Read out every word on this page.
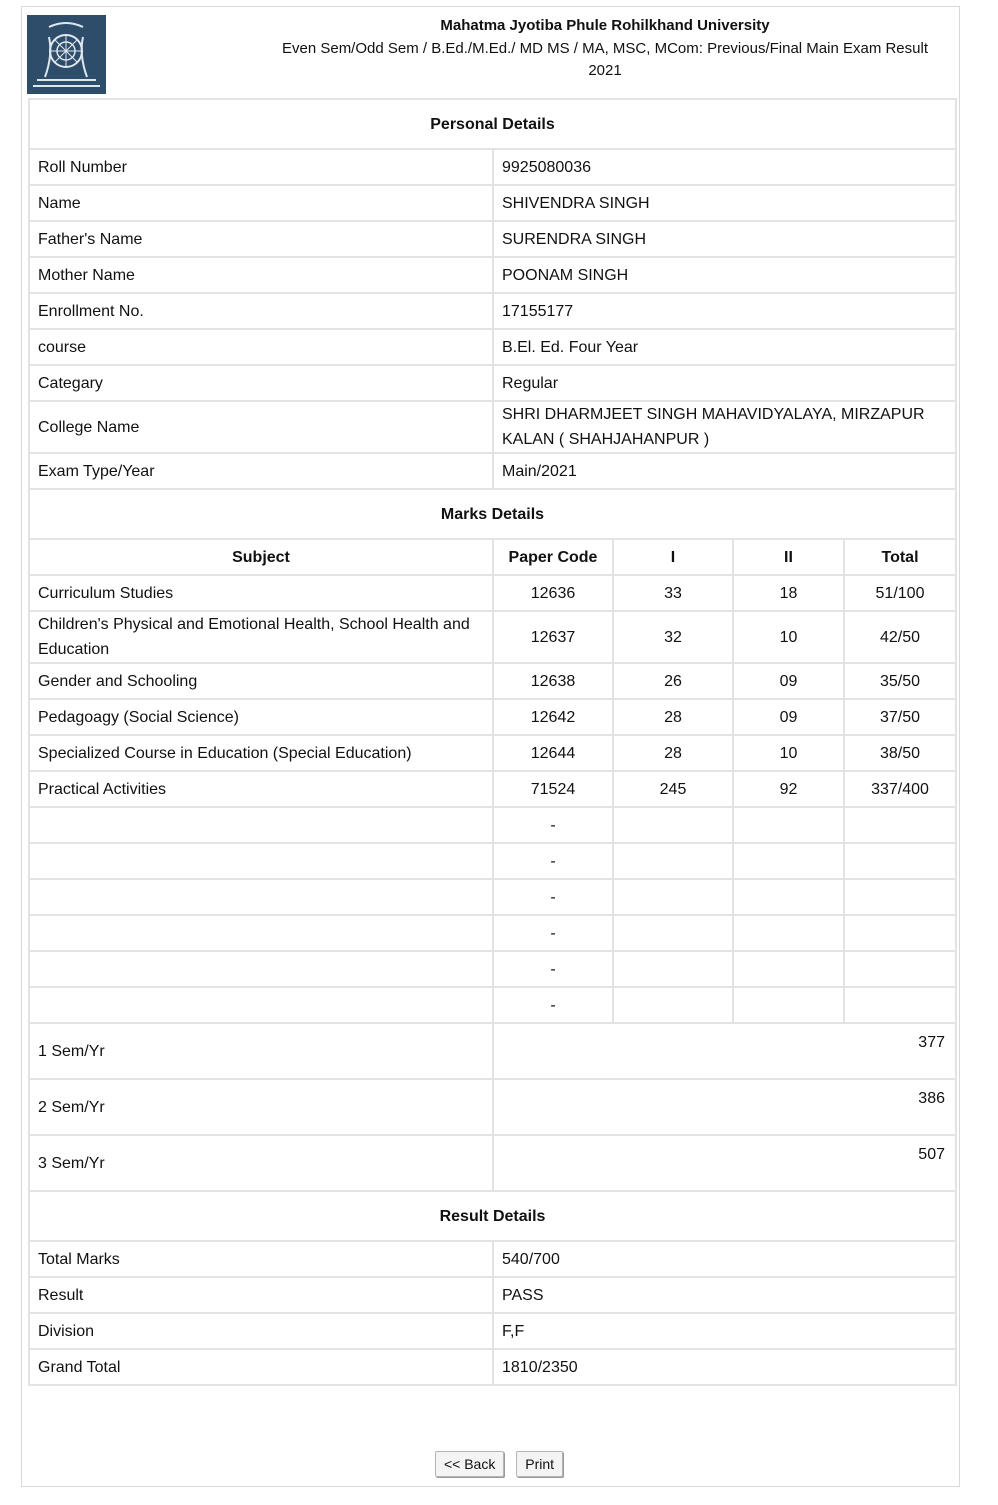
Mahatma Jyotiba Phule Rohilkhand University
Even Sem/Odd Sem / B.Ed./M.Ed./ MD MS / MA, MSC, MCom: Previous/Final Main Exam Result
2021
Personal Details				
Roll Number	9925080036			
Name	SHIVENDRA SINGH			
Father's Name	SURENDRA SINGH			
Mother Name	POONAM SINGH			
Enrollment No.	17155177			
course	B.El. Ed. Four Year			
Categary	Regular			
College Name	SHRI DHARMJEET SINGH MAHAVIDYALAYA, MIRZAPUR KALAN ( SHAHJAHANPUR )			
Exam Type/Year	Main/2021			
Marks Details				
Subject	Paper Code	I	II	Total
Curriculum Studies	12636	33	18	51/100
Children's Physical and Emotional Health, School Health and Education	12637	32	10	42/50
Gender and Schooling	12638	26	09	35/50
Pedagoagy (Social Science)	12642	28	09	37/50
Specialized Course in Education (Special Education)	12644	28	10	38/50
Practical Activities	71524	245	92	337/400
	-			
	-			
	-			
	-			
	-			
	-			
1 Sem/Yr	377			
2 Sem/Yr	386			
3 Sem/Yr	507			
Result Details				
Total Marks	540/700			
Result	PASS			
Division	F,F			
Grand Total	1810/2350			
<< Back Print
